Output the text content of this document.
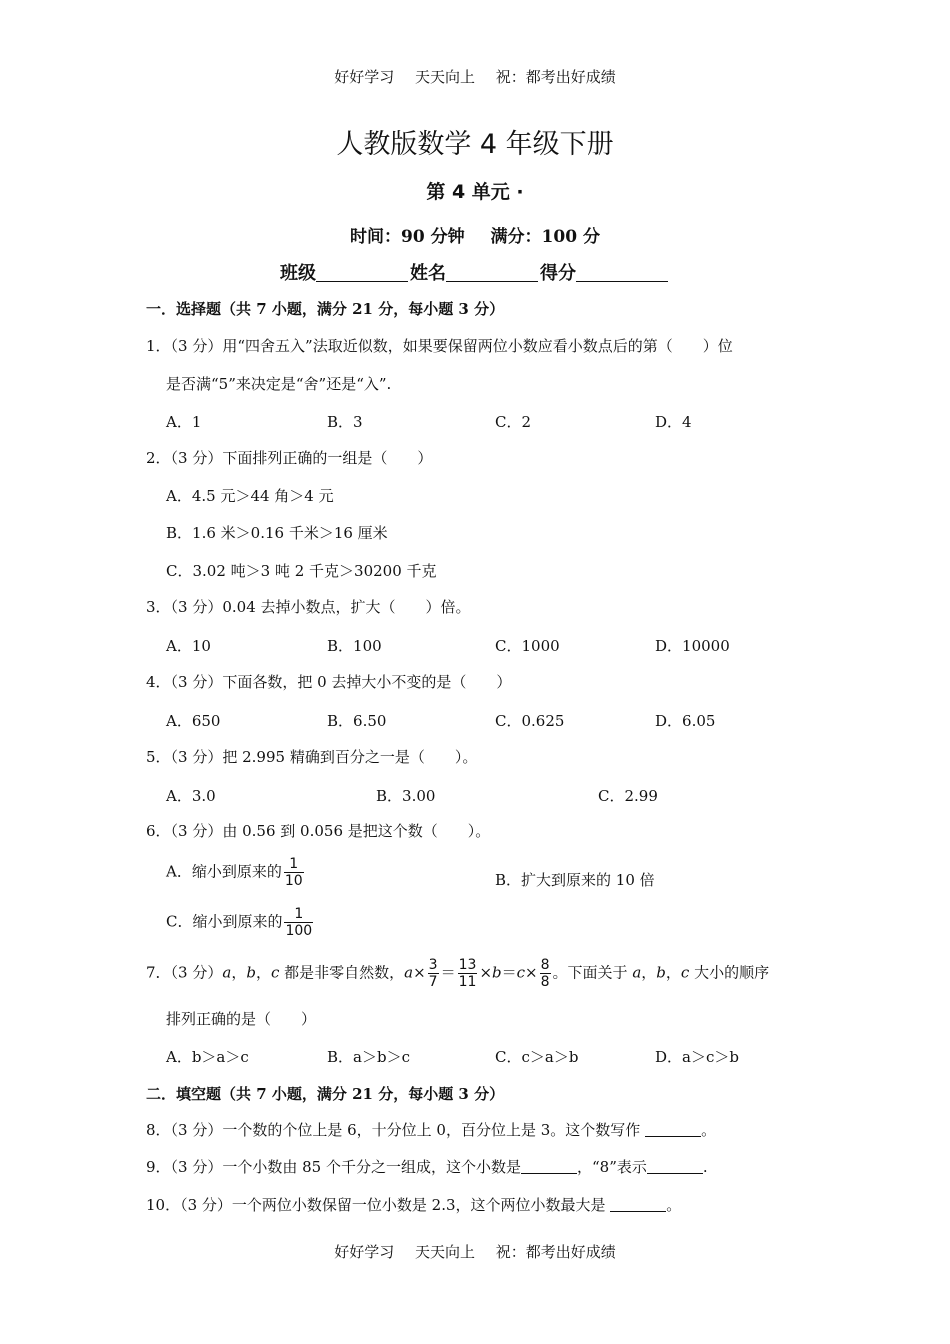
好好学习 天天向上 祝：都考出好成绩
人教版数学 4 年级下册
第 4 单元 ·
时间：90 分钟 满分：100 分
班级	姓名	得分
一．选择题（共 7 小题，满分 21 分，每小题 3 分）
1．（3 分）用“四舍五入”法取近似数，如果要保留两位小数应看小数点后的第（　　）位
是否满“5”来决定是“舍”还是“入”.
A．1	B．3	C．2	D．4
2．（3 分）下面排列正确的一组是（　　）
A．4.5 元＞44 角＞4 元
B．1.6 米＞0.16 千米＞16 厘米
C．3.02 吨＞3 吨 2 千克＞30200 千克
3．（3 分）0.04 去掉小数点，扩大（　　）倍。
A．10	B．100	C．1000	D．10000
4．（3 分）下面各数，把 0 去掉大小不变的是（　　）
A．650	B．6.50	C．0.625	D．6.05
5．（3 分）把 2.995 精确到百分之一是（　　）。
A．3.0	B．3.00	C．2.99
6．（3 分）由 0.56 到 0.056 是把这个数（　　）。
A．缩小到原来的 $\frac{1}{10}$	B．扩大到原来的 10 倍
C．缩小到原来的 $\frac{1}{100}$
7．（3 分）a，b，c 都是非零自然数，$a\times \frac{3}{7} = \frac{13}{11} \times b=c\times \frac{8}{8}$ 。下面关于 a，b，c 大小的顺序
排列正确的是（　　）
A．b＞a＞c	B．a＞b＞c	C．c＞a＞b	D．a＞c＞b
二．填空题（共 7 小题，满分 21 分，每小题 3 分）
8．（3 分）一个数的个位上是 6，十分位上 0，百分位上是 3。这个数写作	。
9．（3 分）一个小数由 85 个千分之一组成，这个小数是	，“8”表示	.
10．（3 分）一个两位小数保留一位小数是 2.3，这个两位小数最大是	。
好好学习 天天向上 祝：都考出好成绩
